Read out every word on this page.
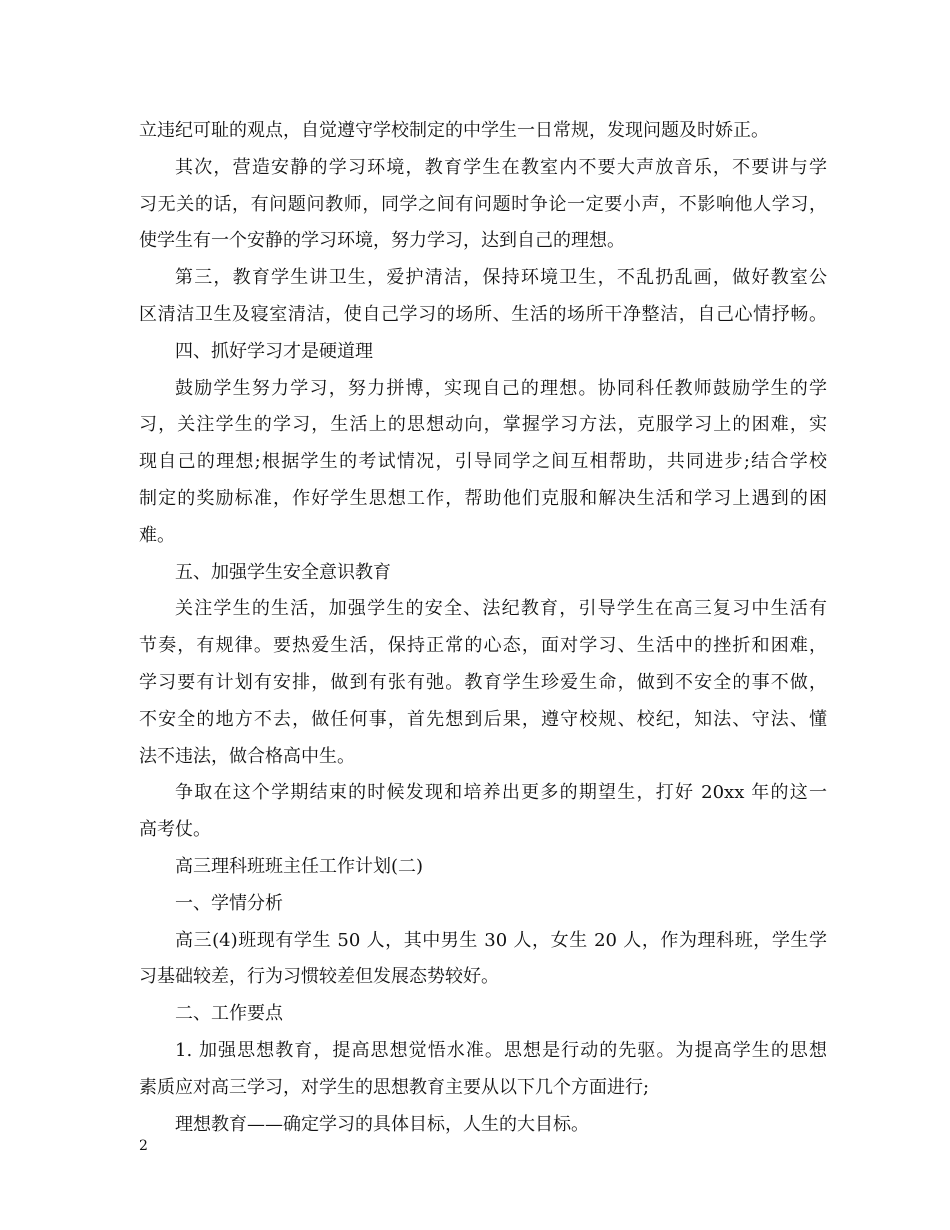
立违纪可耻的观点，自觉遵守学校制定的中学生一日常规，发现问题及时娇正。
其次，营造安静的学习环境，教育学生在教室内不要大声放音乐，不要讲与学
习无关的话，有问题问教师，同学之间有问题时争论一定要小声，不影响他人学习，
使学生有一个安静的学习环境，努力学习，达到自己的理想。
第三，教育学生讲卫生，爱护清洁，保持环境卫生，不乱扔乱画，做好教室公
区清洁卫生及寝室清洁，使自己学习的场所、生活的场所干净整洁，自己心情抒畅。
四、抓好学习才是硬道理
鼓励学生努力学习，努力拼博，实现自己的理想。协同科任教师鼓励学生的学
习，关注学生的学习，生活上的思想动向，掌握学习方法，克服学习上的困难，实
现自己的理想;根据学生的考试情况，引导同学之间互相帮助，共同进步;结合学校
制定的奖励标准，作好学生思想工作，帮助他们克服和解决生活和学习上遇到的困
难。
五、加强学生安全意识教育
关注学生的生活，加强学生的安全、法纪教育，引导学生在高三复习中生活有
节奏，有规律。要热爱生活，保持正常的心态，面对学习、生活中的挫折和困难，
学习要有计划有安排，做到有张有弛。教育学生珍爱生命，做到不安全的事不做，
不安全的地方不去，做任何事，首先想到后果，遵守校规、校纪，知法、守法、懂
法不违法，做合格高中生。
争取在这个学期结束的时候发现和培养出更多的期望生，打好 20xx 年的这一
高考仗。
高三理科班班主任工作计划(二)
一、学情分析
高三(4)班现有学生 50 人，其中男生 30 人，女生 20 人，作为理科班，学生学
习基础较差，行为习惯较差但发展态势较好。
二、工作要点
1. 加强思想教育，提高思想觉悟水准。思想是行动的先驱。为提高学生的思想
素质应对高三学习，对学生的思想教育主要从以下几个方面进行;
理想教育——确定学习的具体目标，人生的大目标。
2
